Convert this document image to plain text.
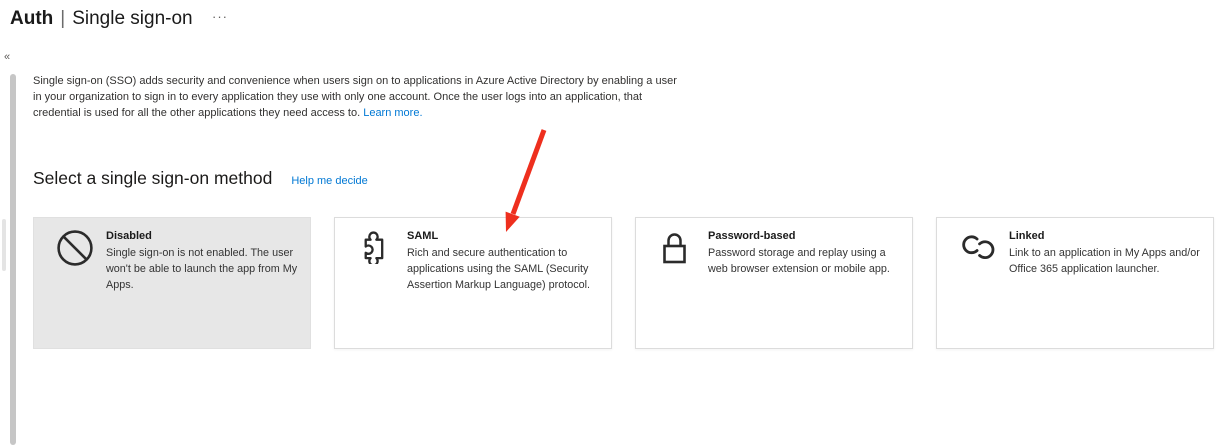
Auth | Single sign-on ···
«
Single sign-on (SSO) adds security and convenience when users sign on to applications in Azure Active Directory by enabling a user
in your organization to sign in to every application they use with only one account. Once the user logs into an application, that
credential is used for all the other applications they need access to. Learn more.
Select a single sign-on method Help me decide
Disabled
Single sign-on is not enabled. The user won't be able to launch the app from My Apps.
SAML
Rich and secure authentication to applications using the SAML (Security Assertion Markup Language) protocol.
Password-based
Password storage and replay using a web browser extension or mobile app.
Linked
Link to an application in My Apps and/or Office 365 application launcher.
